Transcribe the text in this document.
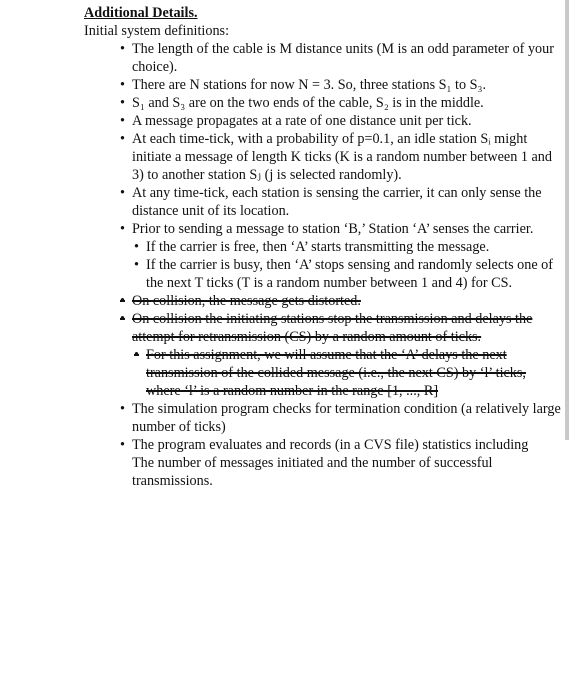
Additional Details.
Initial system definitions:
• The length of the cable is M distance units (M is an odd parameter of your choice).
• There are N stations for now N = 3. So, three stations S₁ to S₃.
• S₁ and S₃ are on the two ends of the cable, S₂ is in the middle.
• A message propagates at a rate of one distance unit per tick.
• At each time-tick, with a probability of p=0.1, an idle station Sᵢ might initiate a message of length K ticks (K is a random number between 1 and 3) to another station Sⱼ (j is selected randomly).
• At any time-tick, each station is sensing the carrier, it can only sense the distance unit of its location.
• Prior to sending a message to station ‘B,’ Station ‘A’ senses the carrier.
• If the carrier is free, then ‘A’ starts transmitting the message.
• If the carrier is busy, then ‘A’ stops sensing and randomly selects one of the next T ticks (T is a random number between 1 and 4) for CS.
• On collision, the message gets distorted.
• On collision the initiating stations stop the transmission and delays the attempt for retransmission (CS) by a random amount of ticks.
• For this assignment, we will assume that the ‘A’ delays the next transmission of the collided message (i.e., the next CS) by ‘l’ ticks, where ‘l’ is a random number in the range [1, ..., R]
• The simulation program checks for termination condition (a relatively large number of ticks)
• The program evaluates and records (in a CVS file) statistics including
The number of messages initiated and the number of successful transmissions.
